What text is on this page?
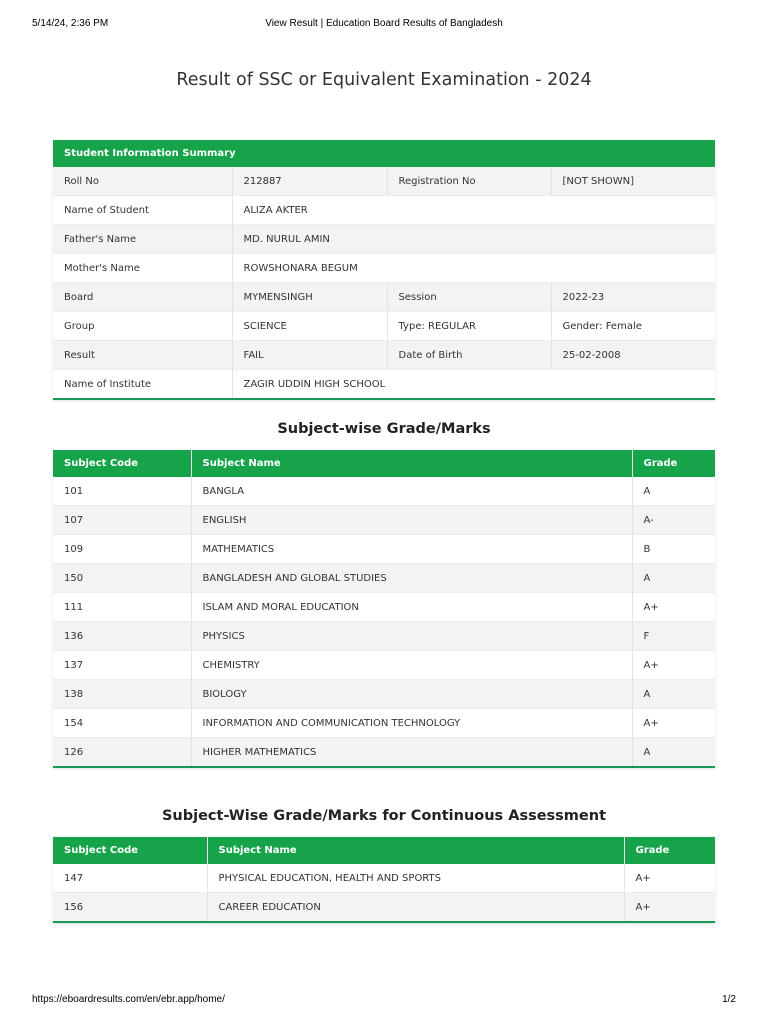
5/14/24, 2:36 PM	View Result | Education Board Results of Bangladesh
Result of SSC or Equivalent Examination - 2024
Student Information Summary			
Roll No	212887	Registration No	[NOT SHOWN]
Name of Student	ALIZA AKTER		
Father's Name	MD. NURUL AMIN		
Mother's Name	ROWSHONARA BEGUM		
Board	MYMENSINGH	Session	2022-23
Group	SCIENCE	Type: REGULAR	Gender: Female
Result	FAIL	Date of Birth	25-02-2008
Name of Institute	ZAGIR UDDIN HIGH SCHOOL		
Subject-wise Grade/Marks
Subject Code	Subject Name	Grade
101	BANGLA	A
107	ENGLISH	A-
109	MATHEMATICS	B
150	BANGLADESH AND GLOBAL STUDIES	A
111	ISLAM AND MORAL EDUCATION	A+
136	PHYSICS	F
137	CHEMISTRY	A+
138	BIOLOGY	A
154	INFORMATION AND COMMUNICATION TECHNOLOGY	A+
126	HIGHER MATHEMATICS	A
Subject-Wise Grade/Marks for Continuous Assessment
Subject Code	Subject Name	Grade
147	PHYSICAL EDUCATION, HEALTH AND SPORTS	A+
156	CAREER EDUCATION	A+
https://eboardresults.com/en/ebr.app/home/	1/2
